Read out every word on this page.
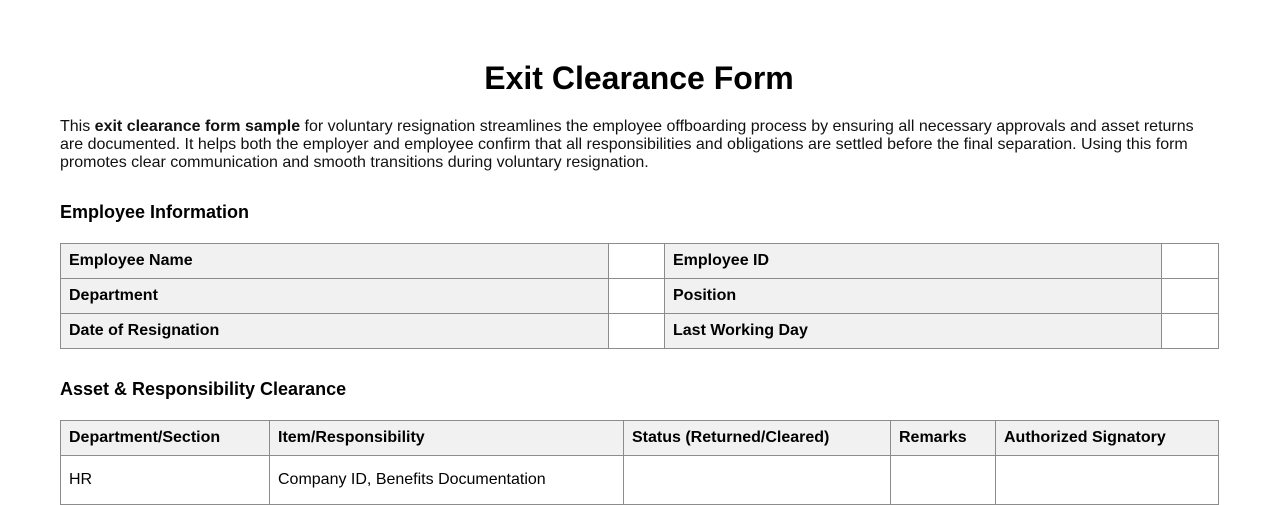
Exit Clearance Form

This exit clearance form sample for voluntary resignation streamlines the employee offboarding process by ensuring all necessary approvals and asset returns are documented. It helps both the employer and employee confirm that all responsibilities and obligations are settled before the final separation. Using this form promotes clear communication and smooth transitions during voluntary resignation.

Employee Information
Employee Name		Employee ID	
Department		Position	
Date of Resignation		Last Working Day	
Asset & Responsibility Clearance
Department/Section	Item/Responsibility	Status (Returned/Cleared)	Remarks	Authorized Signatory
HR	Company ID, Benefits Documentation			
